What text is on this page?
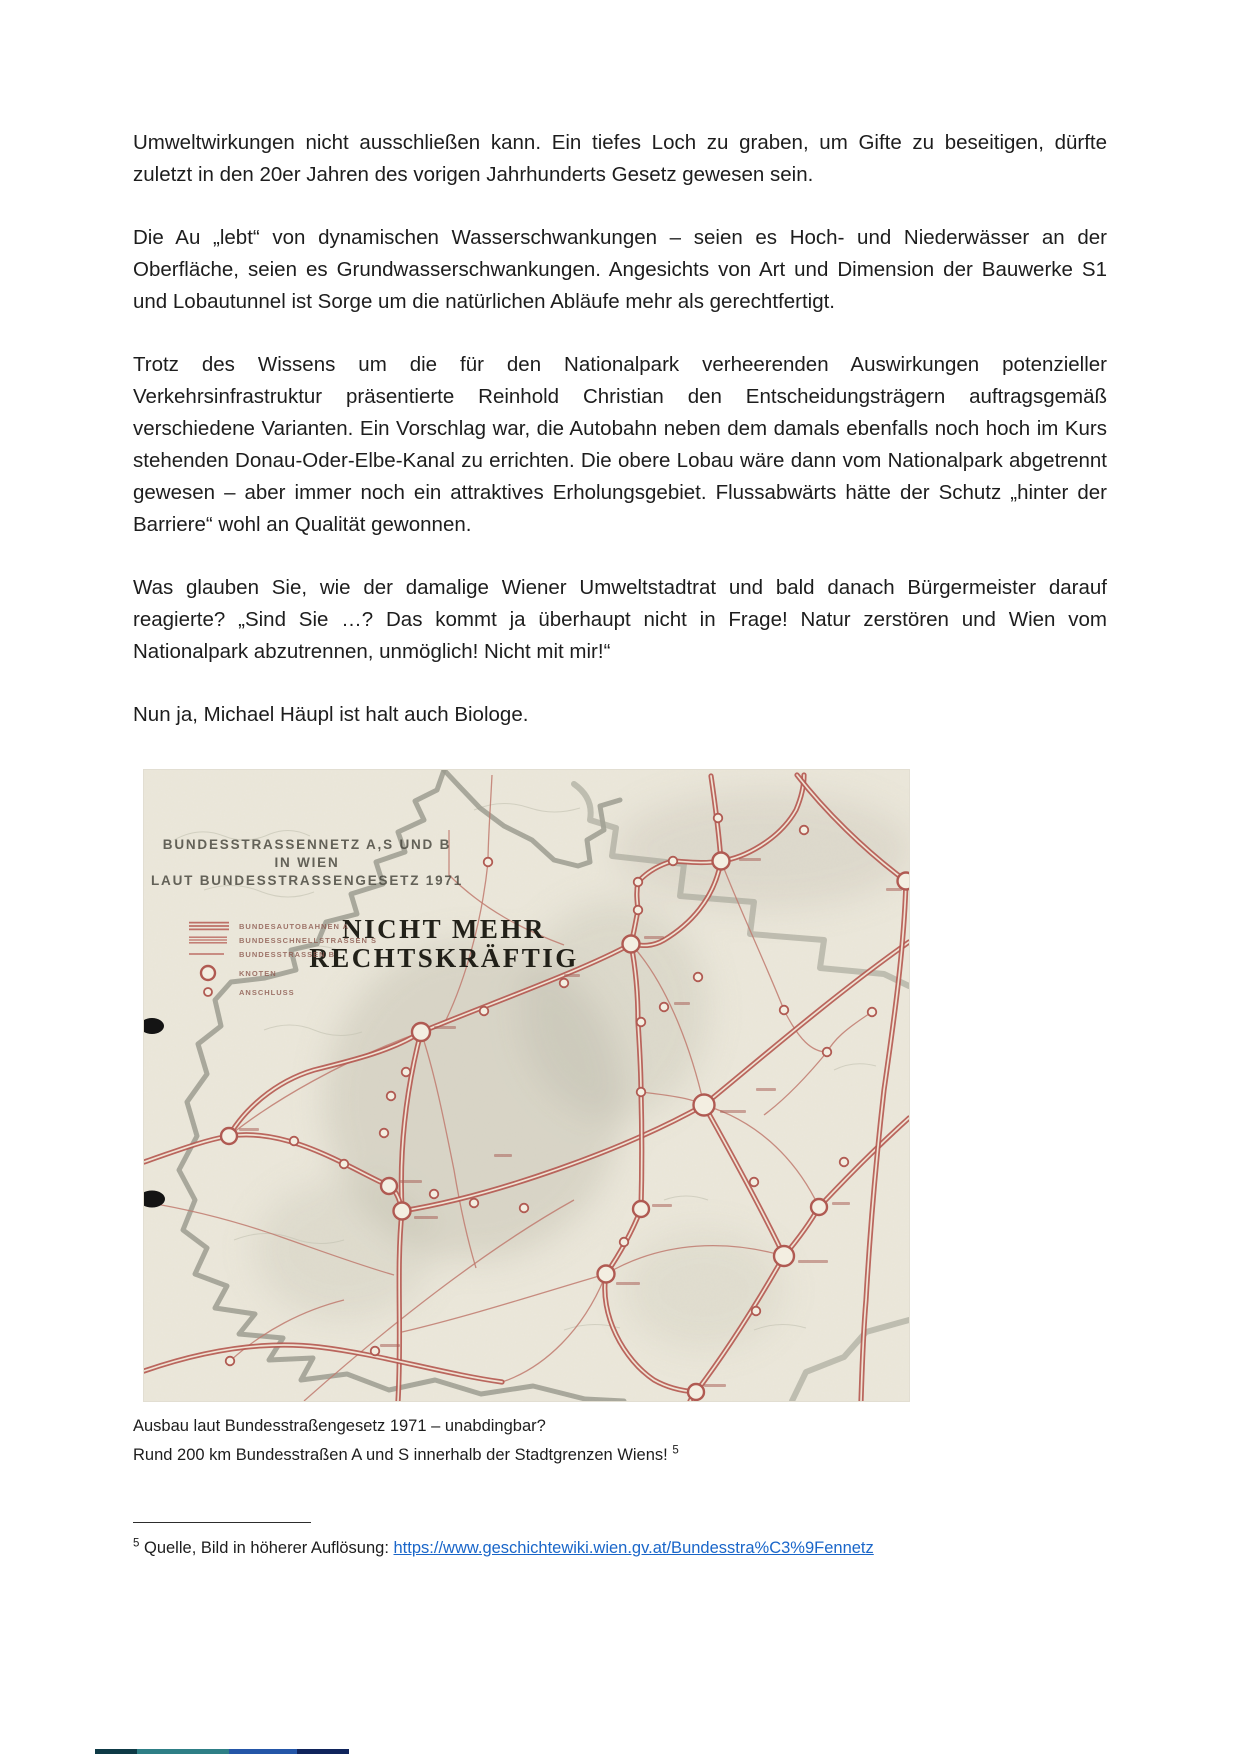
Umweltwirkungen nicht ausschließen kann. Ein tiefes Loch zu graben, um Gifte zu beseitigen, dürfte zuletzt in den 20er Jahren des vorigen Jahrhunderts Gesetz gewesen sein.

Die Au „lebt“ von dynamischen Wasserschwankungen – seien es Hoch- und Niederwässer an der Oberfläche, seien es Grundwasserschwankungen. Angesichts von Art und Dimension der Bauwerke S1 und Lobautunnel ist Sorge um die natürlichen Abläufe mehr als gerechtfertigt.

Trotz des Wissens um die für den Nationalpark verheerenden Auswirkungen potenzieller Verkehrsinfrastruktur präsentierte Reinhold Christian den Entscheidungsträgern auftragsgemäß verschiedene Varianten. Ein Vorschlag war, die Autobahn neben dem damals ebenfalls noch hoch im Kurs stehenden Donau-Oder-Elbe-Kanal zu errichten. Die obere Lobau wäre dann vom Nationalpark abgetrennt gewesen – aber immer noch ein attraktives Erholungsgebiet. Flussabwärts hätte der Schutz „hinter der Barriere“ wohl an Qualität gewonnen.

Was glauben Sie, wie der damalige Wiener Umweltstadtrat und bald danach Bürgermeister darauf reagierte? „Sind Sie …? Das kommt ja überhaupt nicht in Frage! Natur zerstören und Wien vom Nationalpark abzutrennen, unmöglich! Nicht mit mir!“

Nun ja, Michael Häupl ist halt auch Biologe.

BUNDESSTRASSENNETZ A,S UND B
IN WIEN
LAUT BUNDESSTRASSENGESETZ 1971
NICHT MEHR
RECHTSKRÄFTIG
BUNDESAUTOBAHNEN A
BUNDESSCHNELLSTRASSEN S
BUNDESSTRASSEN B
KNOTEN
ANSCHLUSS
Ausbau laut Bundesstraßengesetz 1971 – unabdingbar?
Rund 200 km Bundesstraßen A und S innerhalb der Stadtgrenzen Wiens! $^5$
$^5$ Quelle, Bild in höherer Auflösung: https://www.geschichtewiki.wien.gv.at/Bundesstra%C3%9Fennetz
